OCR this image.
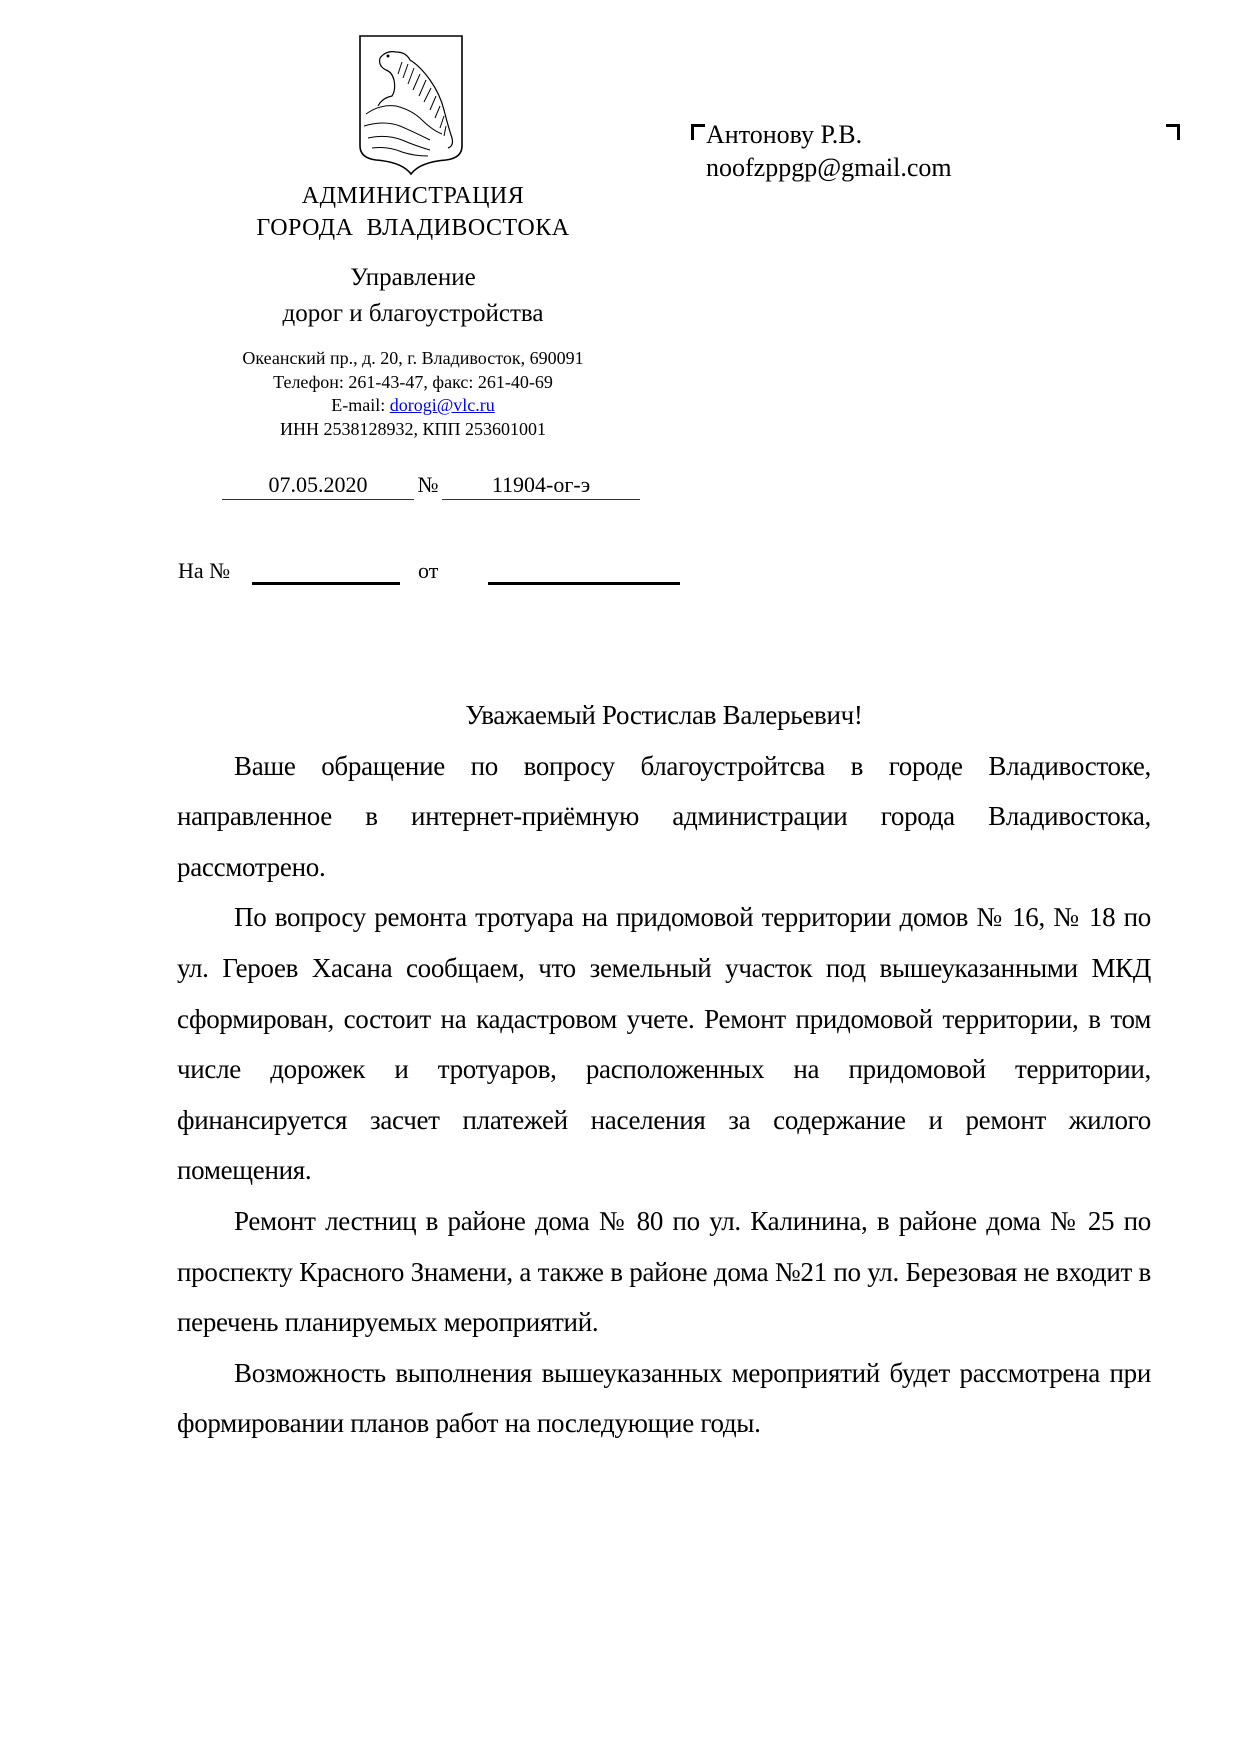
АДМИНИСТРАЦИЯ
ГОРОДА  ВЛАДИВОСТОКА
Управление
дорог и благоустройства
Океанский пр., д. 20, г. Владивосток, 690091
Телефон: 261-43-47, факс: 261-40-69
E-mail: dorogi@vlc.ru
ИНН 2538128932, КПП 253601001
07.05.2020	№	11904-ог-э
На №	от
Антонову Р.В.
noofzppgp@gmail.com

Уважаемый Ростислав Валерьевич!

Ваше обращение по вопросу благоустройтсва в городе Владивостоке, направленное в интернет-приёмную администрации города Владивостока, рассмотрено.

По вопросу ремонта тротуара на придомовой территории домов № 16, № 18 по ул. Героев Хасана сообщаем, что земельный участок под вышеуказанными МКД сформирован, состоит на кадастровом учете. Ремонт придомовой территории, в том числе дорожек и тротуаров, расположенных на придомовой территории, финансируется засчет платежей населения за содержание и ремонт жилого помещения.

Ремонт лестниц в районе дома № 80 по ул. Калинина, в районе дома № 25 по проспекту Красного Знамени, а также в районе дома №21 по ул. Березовая не входит в перечень планируемых мероприятий.

Возможность выполнения вышеуказанных мероприятий будет рассмотрена при формировании планов работ на последующие годы.
